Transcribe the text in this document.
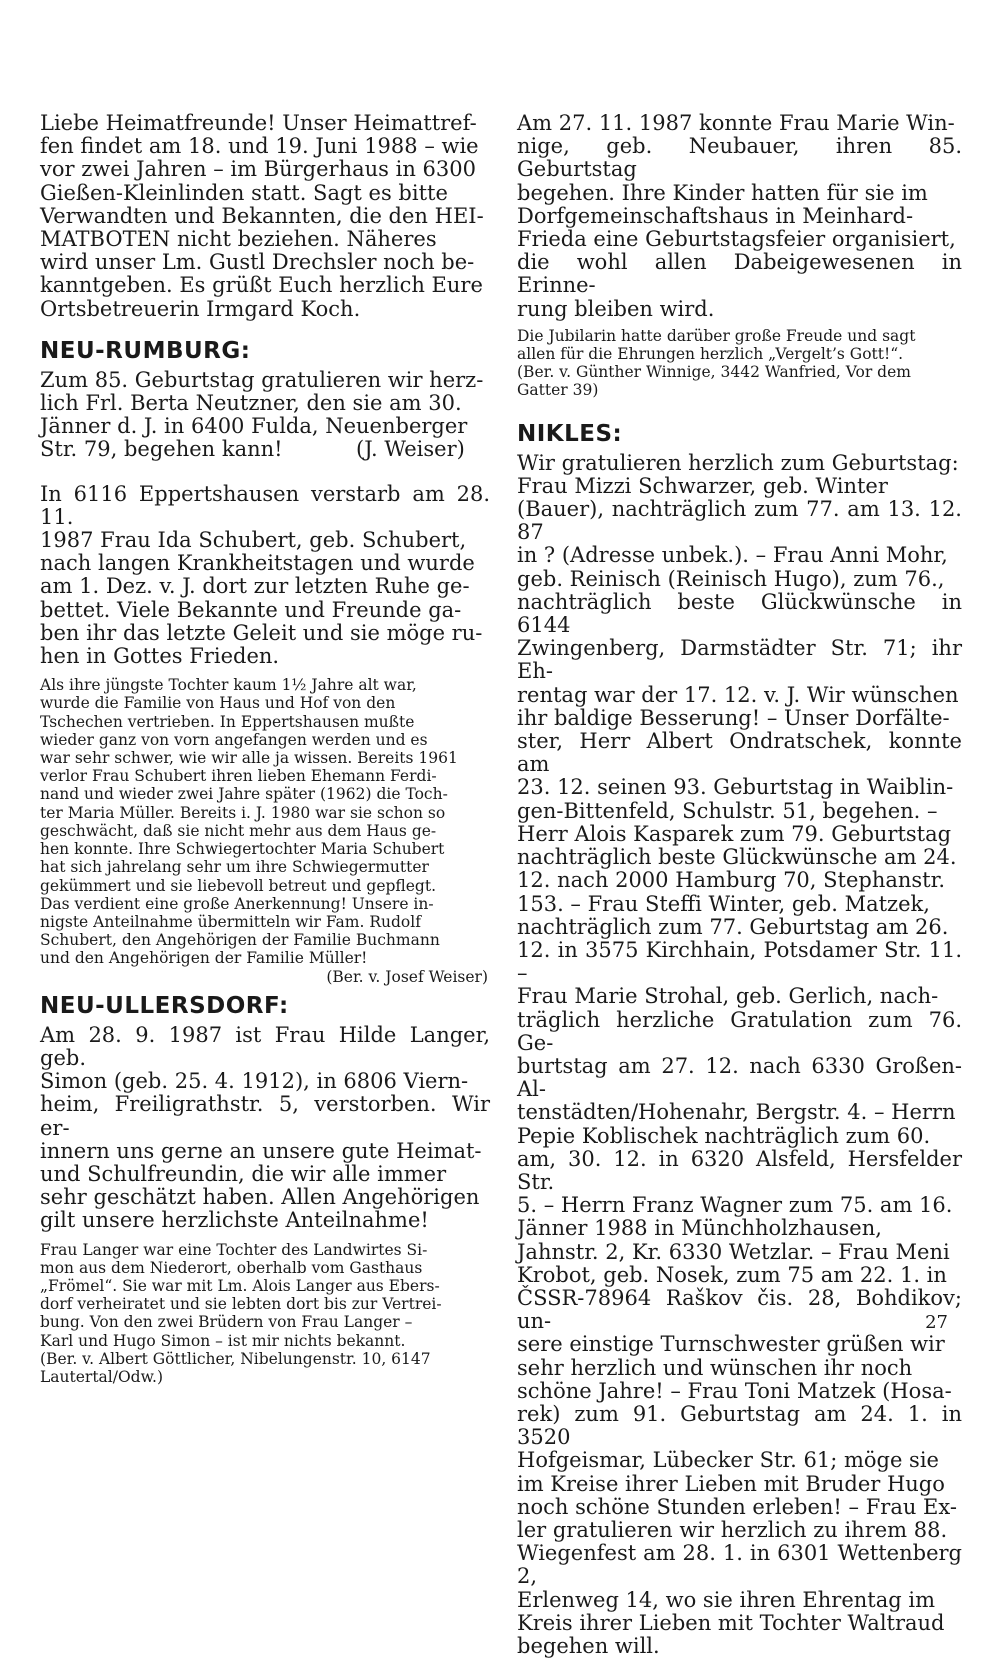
Liebe Heimatfreunde! Unser Heimattref-
fen findet am 18. und 19. Juni 1988 – wie
vor zwei Jahren – im Bürgerhaus in 6300
Gießen-Kleinlinden statt. Sagt es bitte
Verwandten und Bekannten, die den HEI-
MATBOTEN nicht beziehen. Näheres
wird unser Lm. Gustl Drechsler noch be-
kanntgeben. Es grüßt Euch herzlich Eure
Ortsbetreuerin Irmgard Koch.

NEU-RUMBURG:

Zum 85. Geburtstag gratulieren wir herz-
lich Frl. Berta Neutzner, den sie am 30.
Jänner d. J. in 6400 Fulda, Neuenberger
Str. 79, begehen kann!           (J. Weiser)

In 6116 Eppertshausen verstarb am 28. 11.
1987 Frau Ida Schubert, geb. Schubert,
nach langen Krankheitstagen und wurde
am 1. Dez. v. J. dort zur letzten Ruhe ge-
bettet. Viele Bekannte und Freunde ga-
ben ihr das letzte Geleit und sie möge ru-
hen in Gottes Frieden.

Als ihre jüngste Tochter kaum 1½ Jahre alt war,
wurde die Familie von Haus und Hof von den
Tschechen vertrieben. In Eppertshausen mußte
wieder ganz von vorn angefangen werden und es
war sehr schwer, wie wir alle ja wissen. Bereits 1961
verlor Frau Schubert ihren lieben Ehemann Ferdi-
nand und wieder zwei Jahre später (1962) die Toch-
ter Maria Müller. Bereits i. J. 1980 war sie schon so
geschwächt, daß sie nicht mehr aus dem Haus ge-
hen konnte. Ihre Schwiegertochter Maria Schubert
hat sich jahrelang sehr um ihre Schwiegermutter
gekümmert und sie liebevoll betreut und gepflegt.
Das verdient eine große Anerkennung! Unsere in-
nigste Anteilnahme übermitteln wir Fam. Rudolf
Schubert, den Angehörigen der Familie Buchmann
und den Angehörigen der Familie Müller!

(Ber. v. Josef Weiser)

NEU-ULLERSDORF:

Am 28. 9. 1987 ist Frau Hilde Langer, geb.
Simon (geb. 25. 4. 1912), in 6806 Viern-
heim, Freiligrathstr. 5, verstorben. Wir er-
innern uns gerne an unsere gute Heimat-
und Schulfreundin, die wir alle immer
sehr geschätzt haben. Allen Angehörigen
gilt unsere herzlichste Anteilnahme!

Frau Langer war eine Tochter des Landwirtes Si-
mon aus dem Niederort, oberhalb vom Gasthaus
„Frömel“. Sie war mit Lm. Alois Langer aus Ebers-
dorf verheiratet und sie lebten dort bis zur Vertrei-
bung. Von den zwei Brüdern von Frau Langer –
Karl und Hugo Simon – ist mir nichts bekannt.
(Ber. v. Albert Göttlicher, Nibelungenstr. 10, 6147
Lautertal/Odw.)

Am 27. 11. 1987 konnte Frau Marie Win-
nige, geb. Neubauer, ihren 85. Geburtstag
begehen. Ihre Kinder hatten für sie im
Dorfgemeinschaftshaus in Meinhard-
Frieda eine Geburtstagsfeier organisiert,
die wohl allen Dabeigewesenen in Erinne-
rung bleiben wird.

Die Jubilarin hatte darüber große Freude und sagt
allen für die Ehrungen herzlich „Vergelt’s Gott!“.
(Ber. v. Günther Winnige, 3442 Wanfried, Vor dem
Gatter 39)

NIKLES:

Wir gratulieren herzlich zum Geburtstag:
Frau Mizzi Schwarzer, geb. Winter
(Bauer), nachträglich zum 77. am 13. 12. 87
in ? (Adresse unbek.). – Frau Anni Mohr,
geb. Reinisch (Reinisch Hugo), zum 76.,
nachträglich beste Glückwünsche in 6144
Zwingenberg, Darmstädter Str. 71; ihr Eh-
rentag war der 17. 12. v. J. Wir wünschen
ihr baldige Besserung! – Unser Dorfälte-
ster, Herr Albert Ondratschek, konnte am
23. 12. seinen 93. Geburtstag in Waiblin-
gen-Bittenfeld, Schulstr. 51, begehen. –
Herr Alois Kasparek zum 79. Geburtstag
nachträglich beste Glückwünsche am 24.
12. nach 2000 Hamburg 70, Stephanstr.
153. – Frau Steffi Winter, geb. Matzek,
nachträglich zum 77. Geburtstag am 26.
12. in 3575 Kirchhain, Potsdamer Str. 11. –
Frau Marie Strohal, geb. Gerlich, nach-
träglich herzliche Gratulation zum 76. Ge-
burtstag am 27. 12. nach 6330 Großen-Al-
tenstädten/Hohenahr, Bergstr. 4. – Herrn
Pepie Koblischek nachträglich zum 60.
am, 30. 12. in 6320 Alsfeld, Hersfelder Str.
5. – Herrn Franz Wagner zum 75. am 16.
Jänner 1988 in Münchholzhausen,
Jahnstr. 2, Kr. 6330 Wetzlar. – Frau Meni
Krobot, geb. Nosek, zum 75 am 22. 1. in
ČSSR-78964 Raškov čis. 28, Bohdikov; un-
sere einstige Turnschwester grüßen wir
sehr herzlich und wünschen ihr noch
schöne Jahre! – Frau Toni Matzek (Hosa-
rek) zum 91. Geburtstag am 24. 1. in 3520
Hofgeismar, Lübecker Str. 61; möge sie
im Kreise ihrer Lieben mit Bruder Hugo
noch schöne Stunden erleben! – Frau Ex-
ler gratulieren wir herzlich zu ihrem 88.
Wiegenfest am 28. 1. in 6301 Wettenberg 2,
Erlenweg 14, wo sie ihren Ehrentag im
Kreis ihrer Lieben mit Tochter Waltraud
begehen will.

27
